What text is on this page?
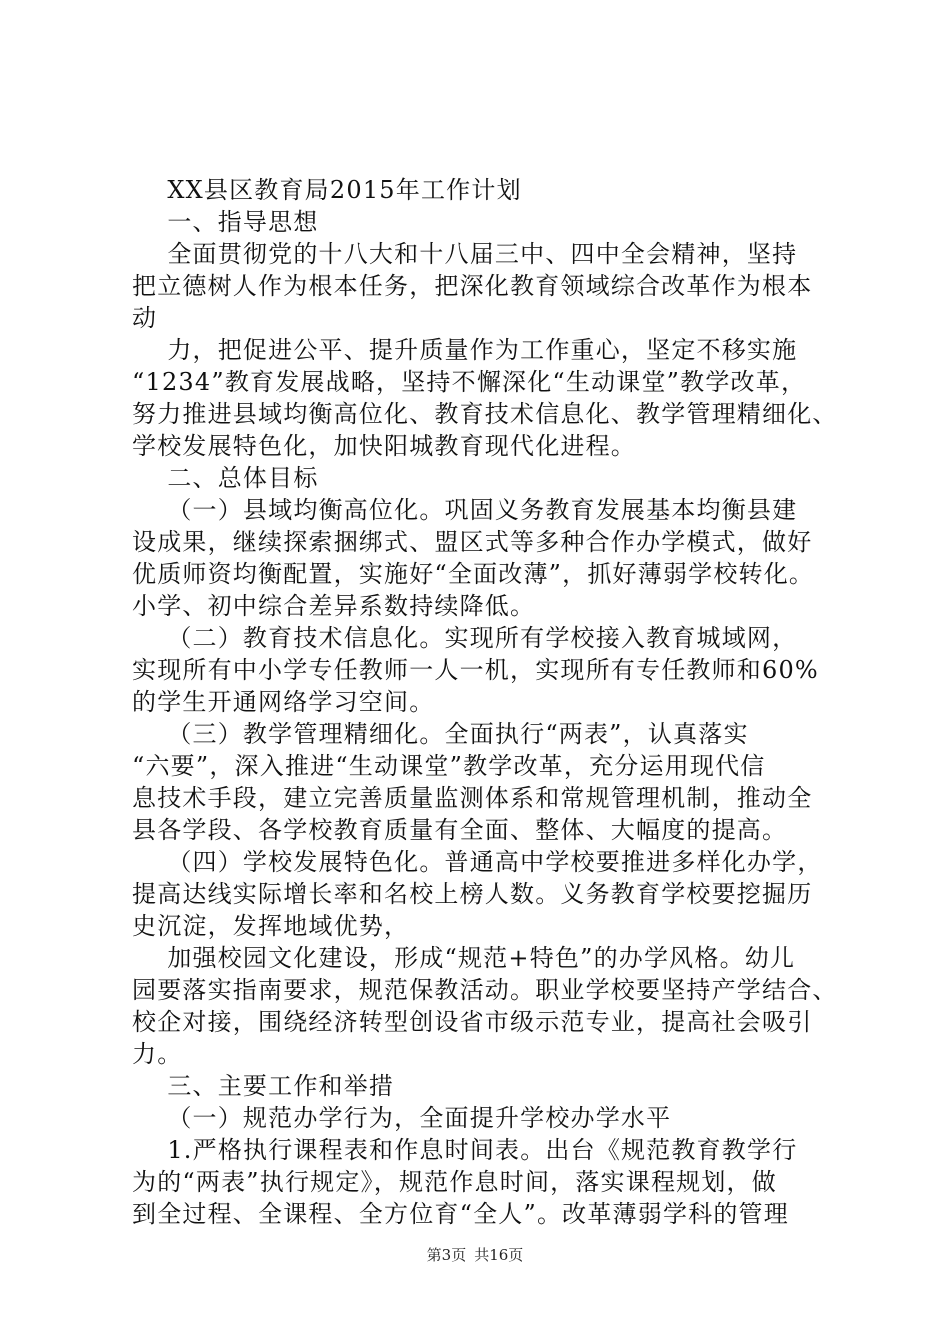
XX县区教育局2015年工作计划
一、指导思想
全面贯彻党的十八大和十八届三中、四中全会精神，坚持
把立德树人作为根本任务，把深化教育领域综合改革作为根本
动
力，把促进公平、提升质量作为工作重心，坚定不移实施
“1234”教育发展战略，坚持不懈深化“生动课堂”教学改革，
努力推进县域均衡高位化、教育技术信息化、教学管理精细化、
学校发展特色化，加快阳城教育现代化进程。
二、总体目标
（一）县域均衡高位化。巩固义务教育发展基本均衡县建
设成果，继续探索捆绑式、盟区式等多种合作办学模式，做好
优质师资均衡配置，实施好“全面改薄”，抓好薄弱学校转化。
小学、初中综合差异系数持续降低。
（二）教育技术信息化。实现所有学校接入教育城域网，
实现所有中小学专任教师一人一机，实现所有专任教师和60%
的学生开通网络学习空间。
（三）教学管理精细化。全面执行“两表”，认真落实
“六要”，深入推进“生动课堂”教学改革，充分运用现代信
息技术手段，建立完善质量监测体系和常规管理机制，推动全
县各学段、各学校教育质量有全面、整体、大幅度的提高。
（四）学校发展特色化。普通高中学校要推进多样化办学，
提高达线实际增长率和名校上榜人数。义务教育学校要挖掘历
史沉淀，发挥地域优势，
加强校园文化建设，形成“规范+特色”的办学风格。幼儿
园要落实指南要求，规范保教活动。职业学校要坚持产学结合、
校企对接，围绕经济转型创设省市级示范专业，提高社会吸引
力。
三、主要工作和举措
（一）规范办学行为，全面提升学校办学水平
1.严格执行课程表和作息时间表。出台《规范教育教学行
为的“两表”执行规定》，规范作息时间，落实课程规划，做
到全过程、全课程、全方位育“全人”。改革薄弱学科的管理
第3页 共16页
